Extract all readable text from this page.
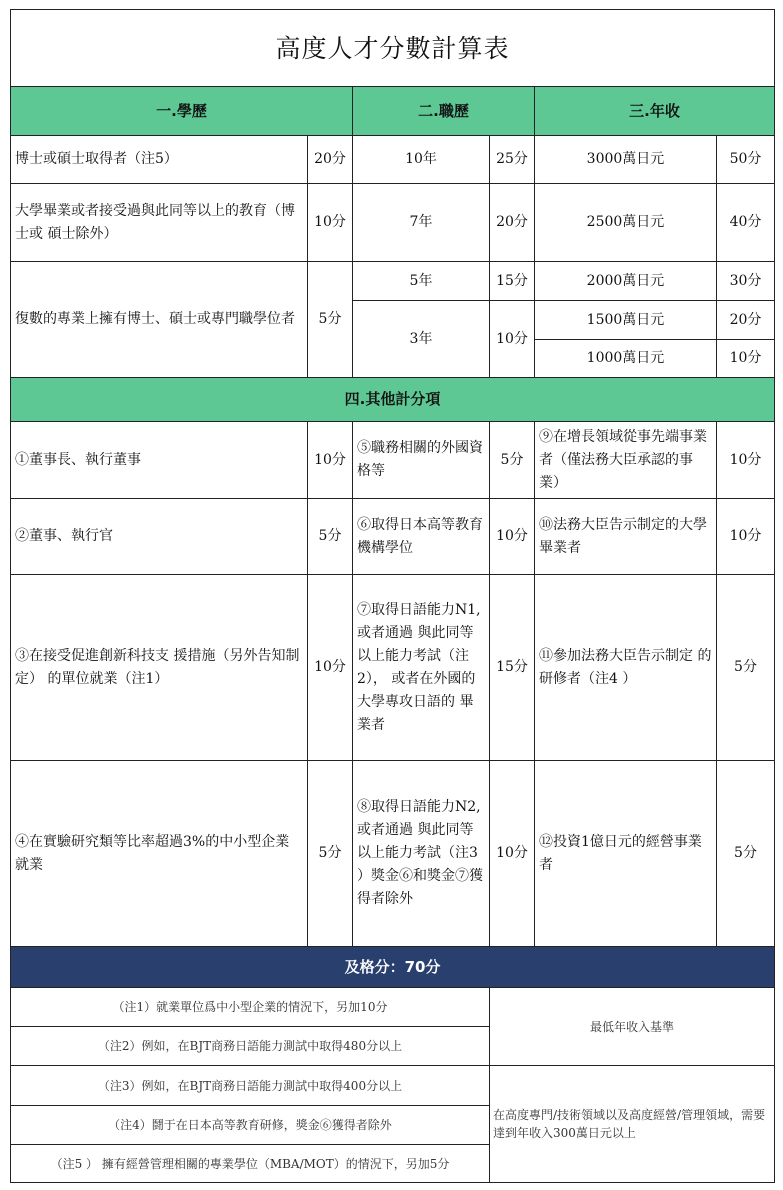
高度人才分數計算表					
一.學歷		二.職歷		三.年收	
博士或碩士取得者（注5）	20分	10年	25分	3000萬日元	50分
大學畢業或者接受過與此同等以上的教育（博士或 碩士除外）	10分	7年	20分	2500萬日元	40分
復數的專業上擁有博士、碩士或專門職學位者	5分	5年	15分	2000萬日元	30分
		3年	10分	1500萬日元	20分
				1000萬日元	10分
四.其他計分項					
①董事長、執行董事	10分	⑤職務相關的外國資格等	5分	⑨在增長領域從事先端事業者（僅法務大臣承認的事業）	10分
②董事、執行官	5分	⑥取得日本高等教育機構學位	10分	⑩法務大臣告示制定的大學畢業者	10分
③在接受促進創新科技支 援措施（另外告知制定） 的單位就業（注1）	10分	⑦取得日語能力N1,或者通過 與此同等以上能力考試（注2）， 或者在外國的大學專攻日語的 畢業者	15分	⑪參加法務大臣告示制定 的研修者（注4 ）	5分
④在實驗研究類等比率超過3%的中小型企業就業	5分	⑧取得日語能力N2,或者通過 與此同等以上能力考試（注3 ）獎金⑥和獎金⑦獲得者除外	10分	⑫投資1億日元的經營事業者	5分
及格分：70分					
（注1）就業單位爲中小型企業的情況下，另加10分			最低年收入基準		
（注2）例如，在BJT商務日語能力測試中取得480分以上					
（注3）例如，在BJT商務日語能力測試中取得400分以上			在高度專門/技術領域以及高度經營/管理領域，需要達到年收入300萬日元以上		
（注4）鬪于在日本高等教育研修，獎金⑥獲得者除外					
（注5 ） 擁有經營管理相關的專業學位（MBA/MOT）的情況下，另加5分					
